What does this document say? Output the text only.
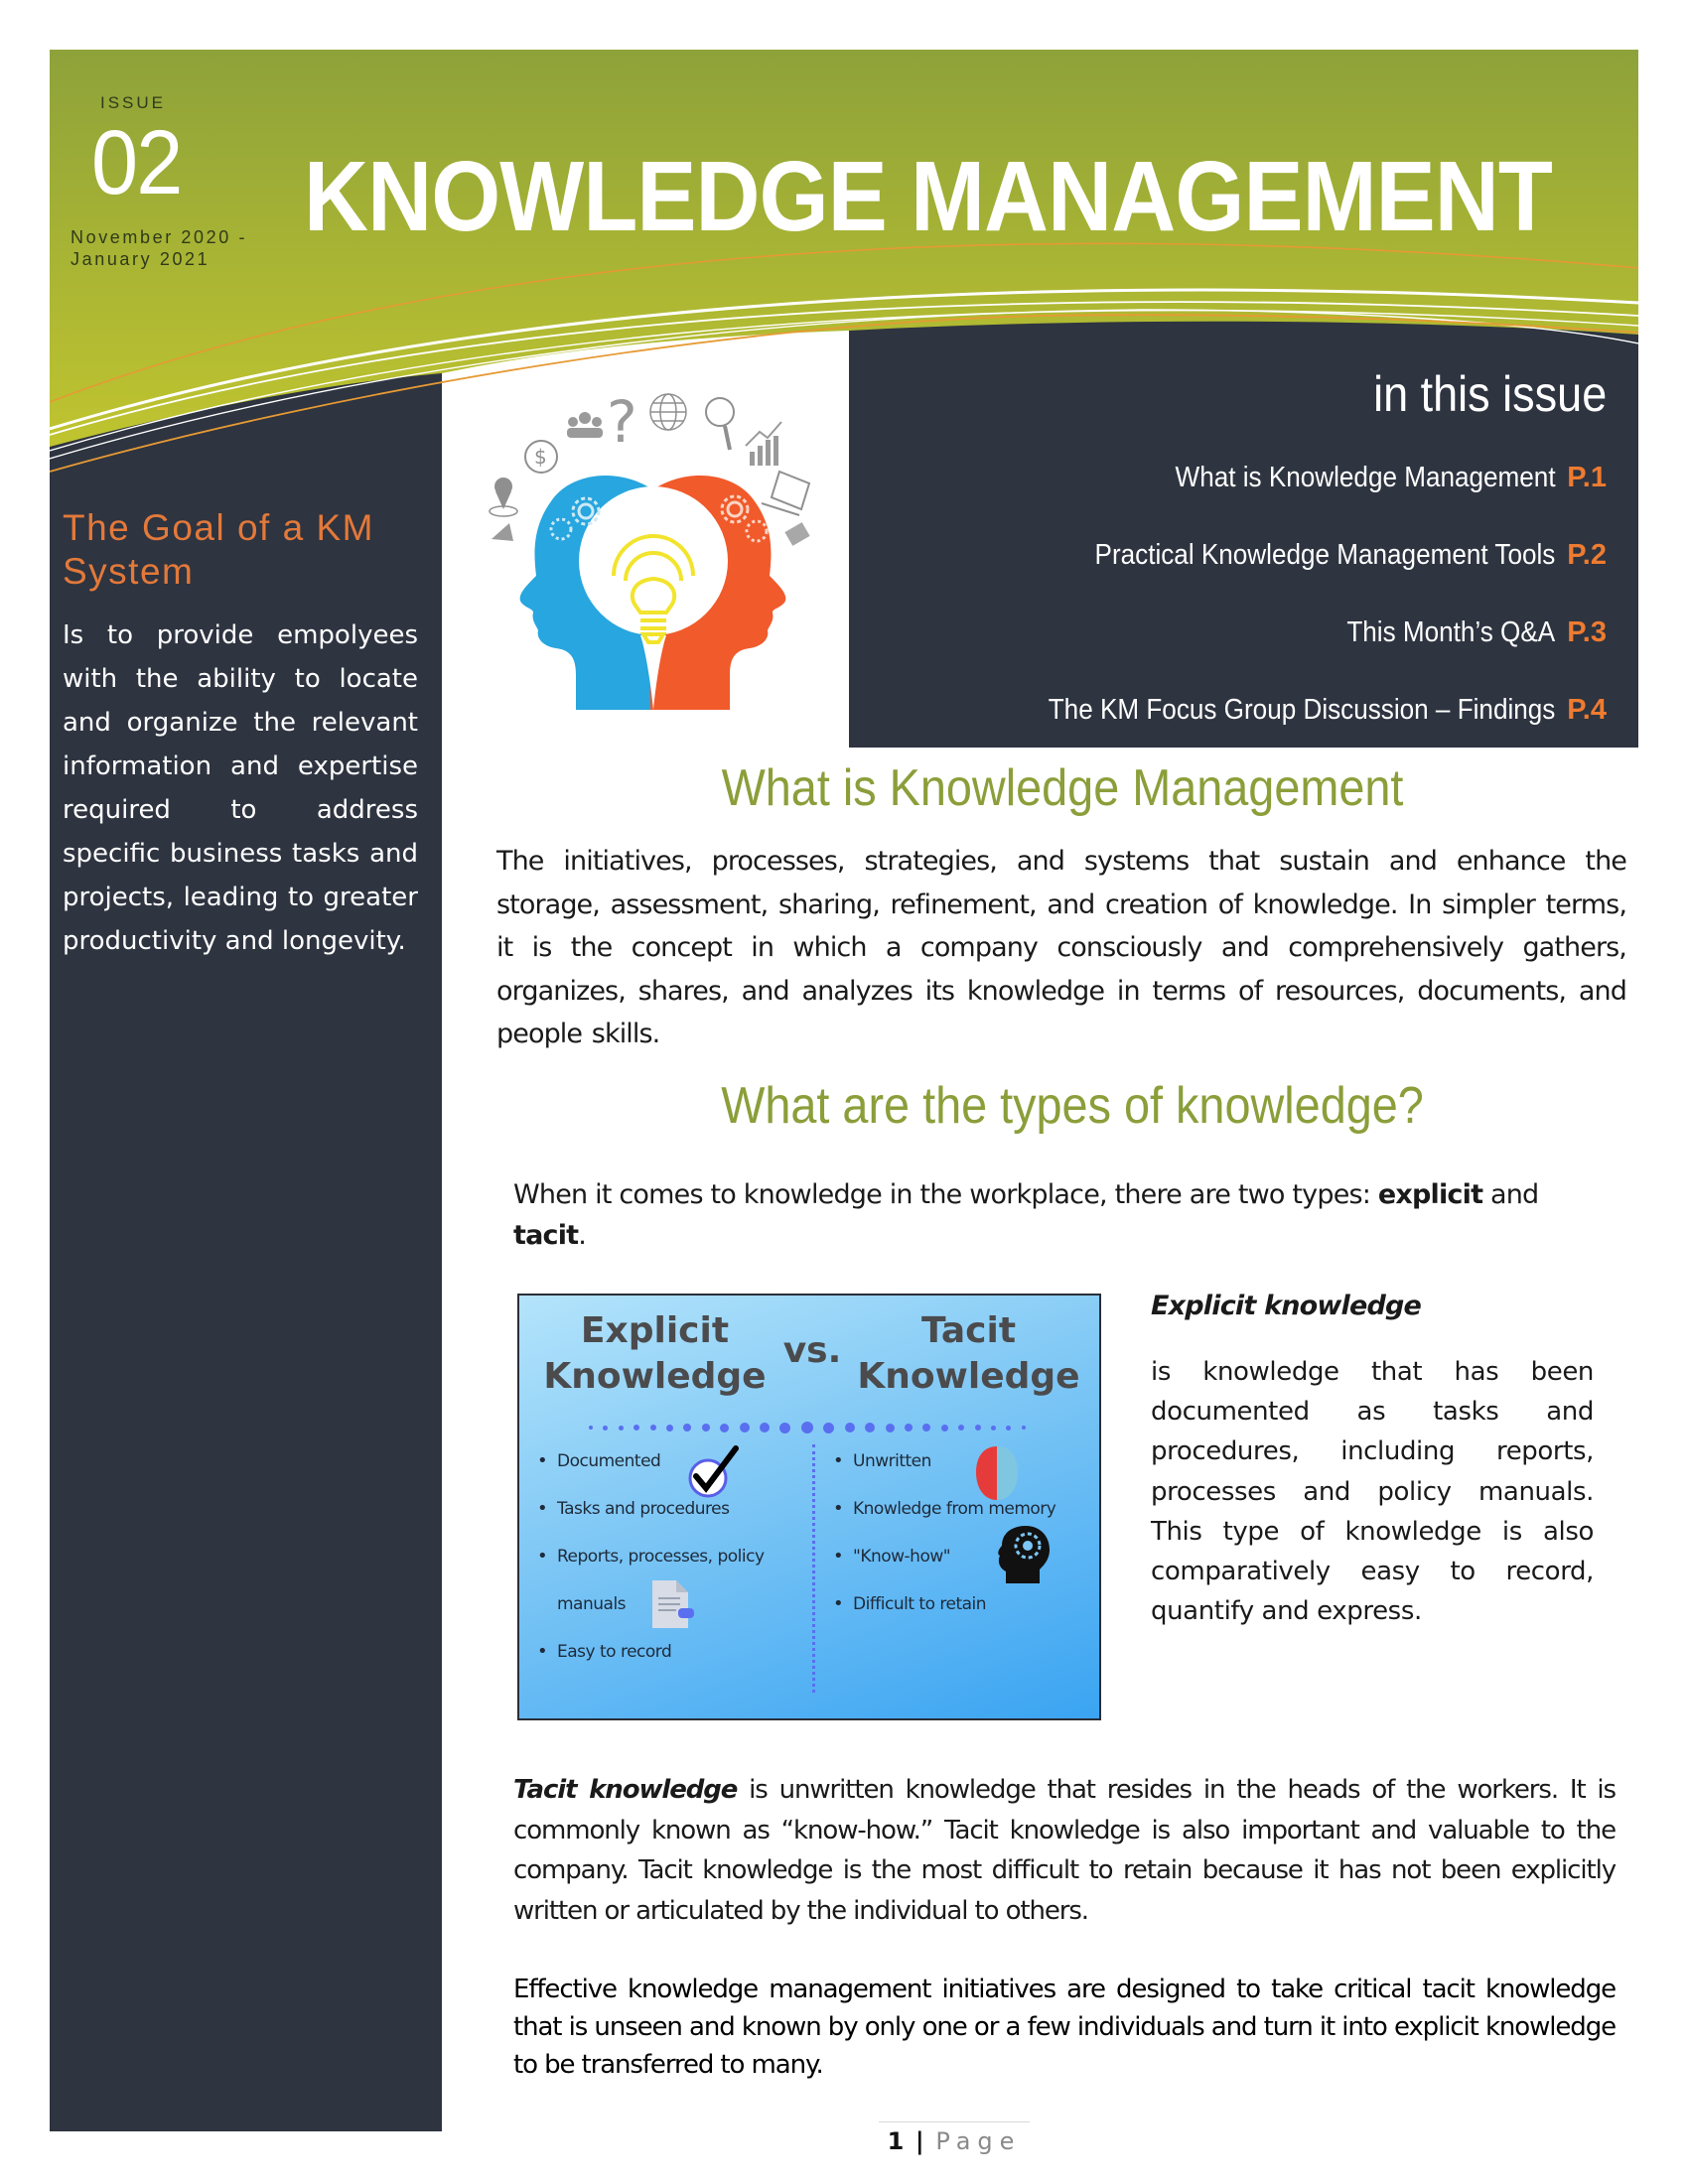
ISSUE
02
November 2020 - January 2021
KNOWLEDGE MANAGEMENT
The Goal of a KM System
Is to provide empolyees with the ability to locate and organize the relevant information and expertise required to address specific business tasks and projects, leading to greater productivity and longevity.
$
?	in this issue
What is Knowledge Management P.1
Practical Knowledge Management Tools P.2
This Month’s Q&A P.3
The KM Focus Group Discussion – Findings P.4
What is Knowledge Management

The initiatives, processes, strategies, and systems that sustain and enhance the storage, assessment, sharing, refinement, and creation of knowledge. In simpler terms, it is the concept in which a company consciously and comprehensively gathers, organizes, shares, and analyzes its knowledge in terms of resources, documents, and people skills.

What are the types of knowledge?

When it comes to knowledge in the workplace, there are two types: explicit and tacit.

Explicit
Knowledge
vs.	Tacit
Knowledge
• Documented
• Tasks and procedures
• Reports, processes, policy
manuals
• Easy to record
• Unwritten
• Knowledge from memory
• "Know-how"
• Difficult to retain
Explicit knowledge

is knowledge that has been documented as tasks and procedures, including reports, processes and policy manuals. This type of knowledge is also comparatively easy to record, quantify and express.

Tacit knowledge is unwritten knowledge that resides in the heads of the workers. It is commonly known as “know-how.” Tacit knowledge is also important and valuable to the company. Tacit knowledge is the most difficult to retain because it has not been explicitly written or articulated by the individual to others.

Effective knowledge management initiatives are designed to take critical tacit knowledge that is unseen and known by only one or a few individuals and turn it into explicit knowledge to be transferred to many.

1 | Page
